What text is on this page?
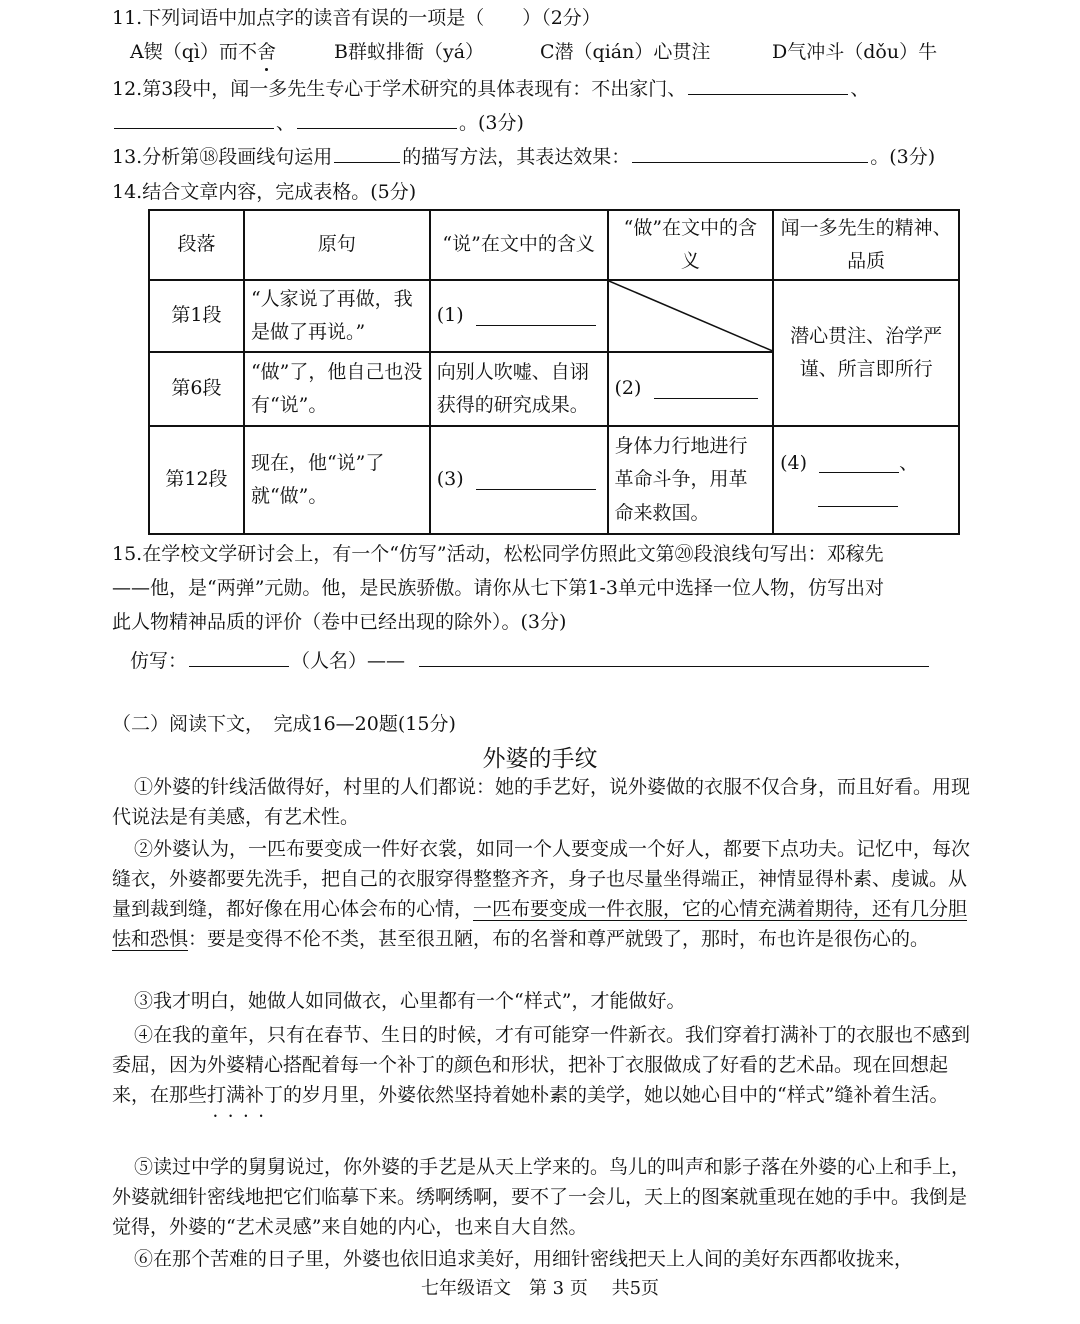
11.下列词语中加点字的读音有误的一项是（　　）（2分）
A锲（qì）而不舍	B群蚁排衙（yá）	C潜（qián）心贯注	D气冲斗（dǒu）牛
12.第3段中，闻一多先生专心于学术研究的具体表现有：不出家门、	、
、	。(3分)
13.分析第⑱段画线句运用	的描写方法，其表达效果：	。(3分)
14.结合文章内容，完成表格。(5分)
段落	原句	“说”在文中的含义	“做”在文中的含义	闻一多先生的精神、品质
第1段	“人家说了再做，我是做了再说。”	(1)		潜心贯注、治学严谨、所言即所行
第6段	“做”了，他自己也没有“说”。	向别人吹嘘、自诩获得的研究成果。	(2)	
第12段	现在，他“说”了就“做”。	(3)	身体力行地进行革命斗争，用革命来救国。	(4) 、
15.在学校文学研讨会上，有一个“仿写”活动，松松同学仿照此文第⑳段浪线句写出：邓稼先
——他，是“两弹”元勋。他，是民族骄傲。请你从七下第1-3单元中选择一位人物，仿写出对
此人物精神品质的评价（卷中已经出现的除外）。(3分)
仿写：	（人名）——
（二）阅读下文，　完成16—20题(15分)
外婆的手纹
①外婆的针线活做得好，村里的人们都说：她的手艺好，说外婆做的衣服不仅合身，而且好看。用现代说法是有美感，有艺术性。
②外婆认为，一匹布要变成一件好衣裳，如同一个人要变成一个好人，都要下点功夫。记忆中，每次缝衣，外婆都要先洗手，把自己的衣服穿得整整齐齐，身子也尽量坐得端正，神情显得朴素、虔诚。从量到裁到缝，都好像在用心体会布的心情，一匹布要变成一件衣服，它的心情充满着期待，还有几分胆怯和恐惧：要是变得不伦不类，甚至很丑陋，布的名誉和尊严就毁了，那时，布也许是很伤心的。
③我才明白，她做人如同做衣，心里都有一个“样式”，才能做好。
④在我的童年，只有在春节、生日的时候，才有可能穿一件新衣。我们穿着打满补丁的衣服也不感到委屈，因为外婆精心搭配着每一个补丁的颜色和形状，把补丁衣服做成了好看的艺术品。现在回想起来，在那些打满补丁 • •的岁月里，外婆依然坚持着她朴素的美学，她以她心目中的“样式”缝补着生活。
⑤读过中学的舅舅说过，你外婆的手艺是从天上学来的。鸟儿的叫声和影子落在外婆的心上和手上，外婆就细针密线地把它们临摹下来。绣啊绣啊，要不了一会儿，天上的图案就重现在她的手中。我倒是觉得，外婆的“艺术灵感”来自她的内心，也来自大自然。
⑥在那个苦难的日子里，外婆也依旧追求美好，用细针密线把天上人间的美好东西都收拢来，
七年级语文　第 3 页　 共5页
